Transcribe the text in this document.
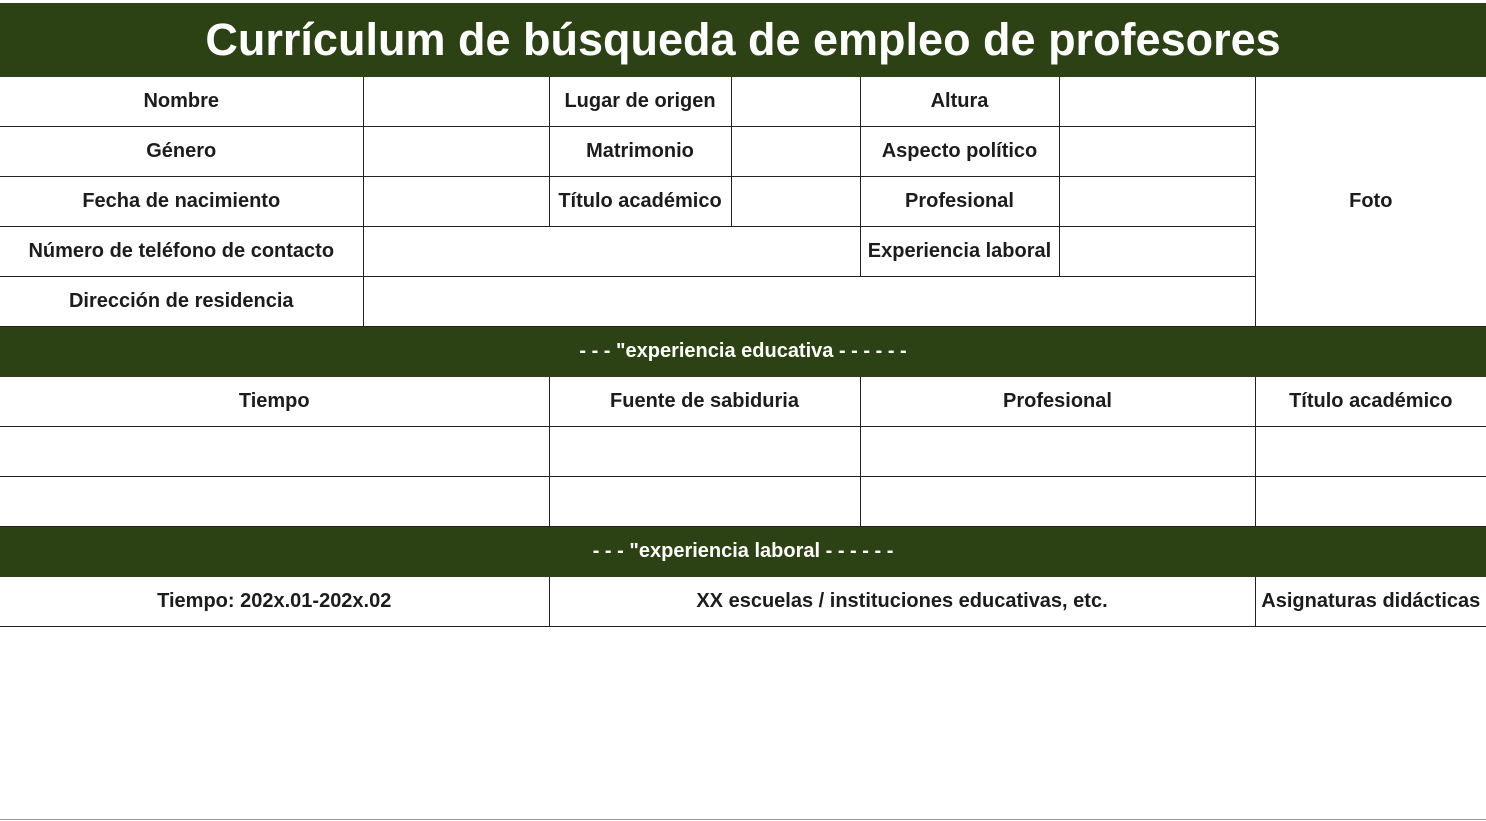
Currículum de búsqueda de empleo de profesores						
Nombre		Lugar de origen		Altura		Foto
Género		Matrimonio		Aspecto político		
Fecha de nacimiento		Título académico		Profesional		
Número de teléfono de contacto				Experiencia laboral		
Dirección de residencia						
- - - "experiencia educativa - - - - - -						
Tiempo		Fuente de sabiduria		Profesional		Título académico

- - - "experiencia laboral - - - - - -						
Tiempo: 202x.01-202x.02		XX escuelas / instituciones educativas, etc.				Asignaturas didácticas
